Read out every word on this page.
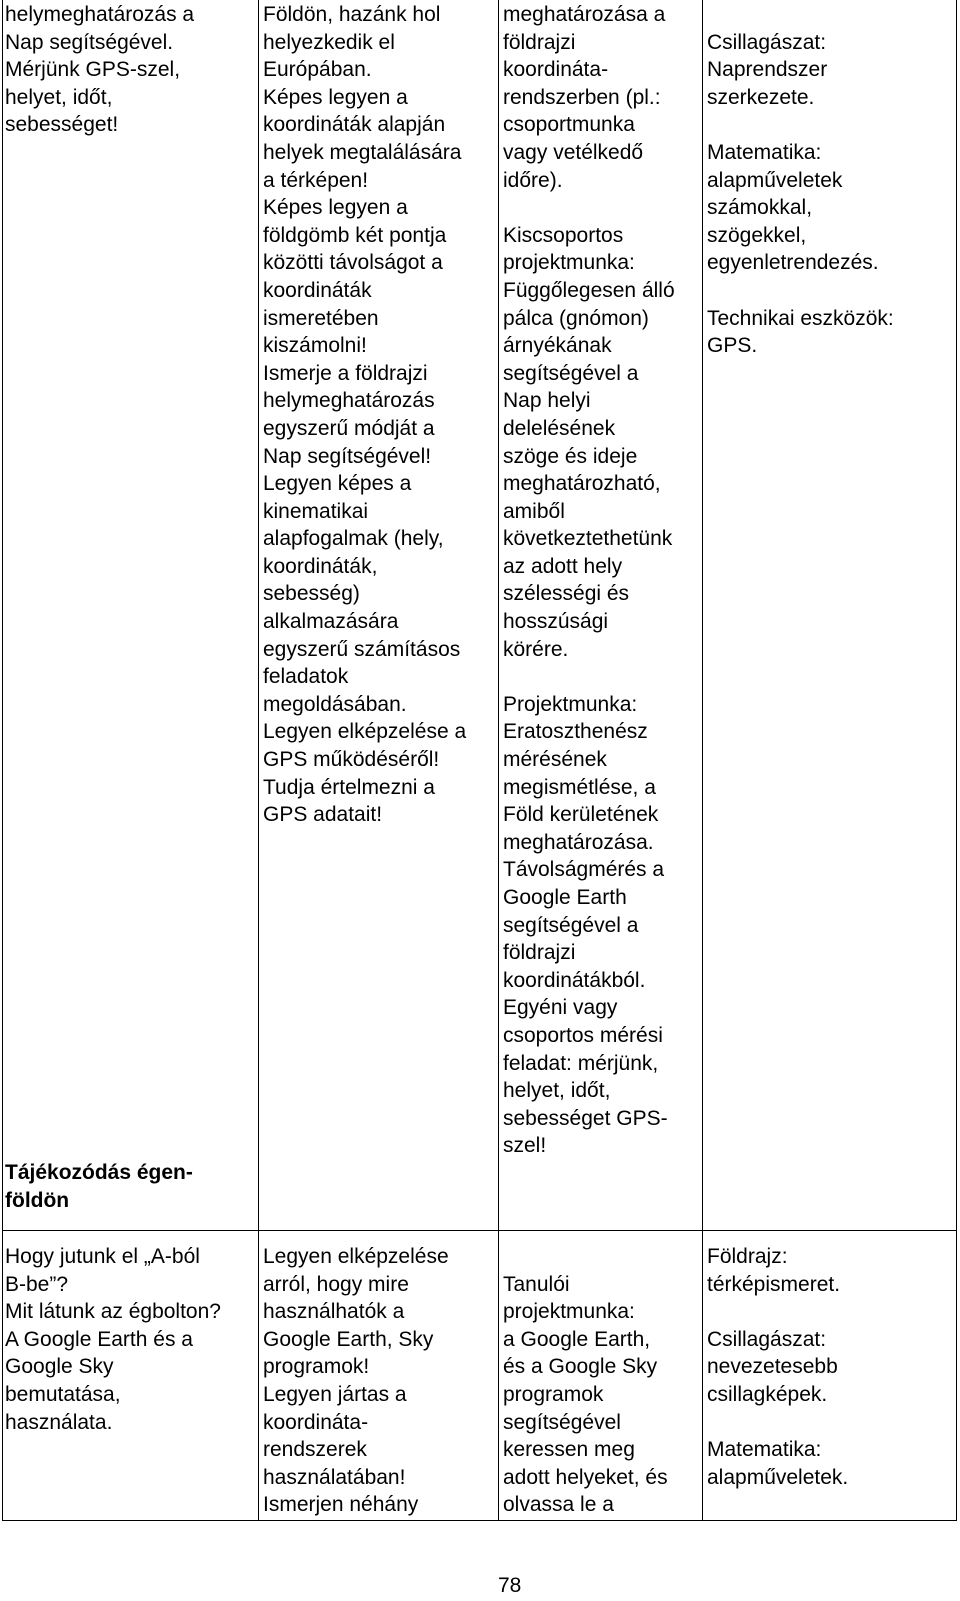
helymeghatározás a

Nap segítségével.

Mérjünk GPS-szel,

helyet, időt,

sebességet!

Tájékozódás égen-

földön

Földön, hazánk hol

helyezkedik el

Európában.

Képes legyen a

koordináták alapján

helyek megtalálására

a térképen!

Képes legyen a

földgömb két pontja

közötti távolságot a

koordináták

ismeretében

kiszámolni!

Ismerje a földrajzi

helymeghatározás

egyszerű módját a

Nap segítségével!

Legyen képes a

kinematikai

alapfogalmak (hely,

koordináták,

sebesség)

alkalmazására

egyszerű számításos

feladatok

megoldásában.

Legyen elképzelése a

GPS működéséről!

Tudja értelmezni a

GPS adatait!

meghatározása a

földrajzi

koordináta-

rendszerben (pl.:

csoportmunka

vagy vetélkedő

időre).

Kiscsoportos

projektmunka:

Függőlegesen álló

pálca (gnómon)

árnyékának

segítségével a

Nap helyi

delelésének

szöge és ideje

meghatározható,

amiből

következtethetünk

az adott hely

szélességi és

hosszúsági

körére.

Projektmunka:

Eratoszthenész

mérésének

megismétlése, a

Föld kerületének

meghatározása.

Távolságmérés a

Google Earth

segítségével a

földrajzi

koordinátákból.

Egyéni vagy

csoportos mérési

feladat: mérjünk,

helyet, időt,

sebességet GPS-

szel!

Csillagászat:

Naprendszer

szerkezete.

Matematika:

alapműveletek

számokkal,

szögekkel,

egyenletrendezés.

Technikai eszközök:

GPS.

Hogy jutunk el „A-ból

B-be”?

Mit látunk az égbolton?

A Google Earth és a

Google Sky

bemutatása,

használata.

Legyen elképzelése

arról, hogy mire

használhatók a

Google Earth, Sky

programok!

Legyen jártas a

koordináta-

rendszerek

használatában!

Ismerjen néhány

Tanulói

projektmunka:

a Google Earth,

és a Google Sky

programok

segítségével

keressen meg

adott helyeket, és

olvassa le a

Földrajz:

térképismeret.

Csillagászat:

nevezetesebb

csillagképek.

Matematika:

alapműveletek.

78
